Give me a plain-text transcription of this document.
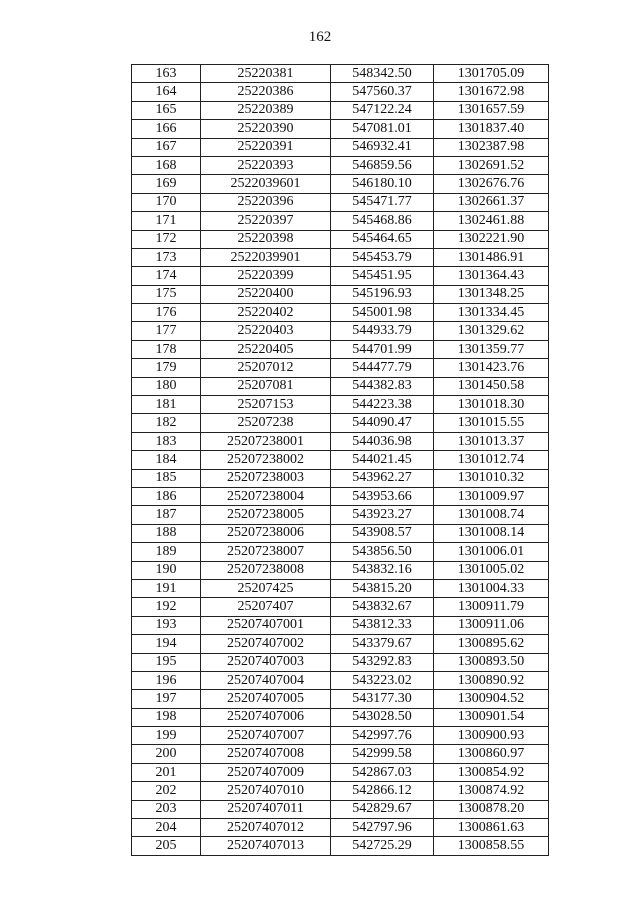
162
163	25220381	548342.50	1301705.09
164	25220386	547560.37	1301672.98
165	25220389	547122.24	1301657.59
166	25220390	547081.01	1301837.40
167	25220391	546932.41	1302387.98
168	25220393	546859.56	1302691.52
169	2522039601	546180.10	1302676.76
170	25220396	545471.77	1302661.37
171	25220397	545468.86	1302461.88
172	25220398	545464.65	1302221.90
173	2522039901	545453.79	1301486.91
174	25220399	545451.95	1301364.43
175	25220400	545196.93	1301348.25
176	25220402	545001.98	1301334.45
177	25220403	544933.79	1301329.62
178	25220405	544701.99	1301359.77
179	25207012	544477.79	1301423.76
180	25207081	544382.83	1301450.58
181	25207153	544223.38	1301018.30
182	25207238	544090.47	1301015.55
183	25207238001	544036.98	1301013.37
184	25207238002	544021.45	1301012.74
185	25207238003	543962.27	1301010.32
186	25207238004	543953.66	1301009.97
187	25207238005	543923.27	1301008.74
188	25207238006	543908.57	1301008.14
189	25207238007	543856.50	1301006.01
190	25207238008	543832.16	1301005.02
191	25207425	543815.20	1301004.33
192	25207407	543832.67	1300911.79
193	25207407001	543812.33	1300911.06
194	25207407002	543379.67	1300895.62
195	25207407003	543292.83	1300893.50
196	25207407004	543223.02	1300890.92
197	25207407005	543177.30	1300904.52
198	25207407006	543028.50	1300901.54
199	25207407007	542997.76	1300900.93
200	25207407008	542999.58	1300860.97
201	25207407009	542867.03	1300854.92
202	25207407010	542866.12	1300874.92
203	25207407011	542829.67	1300878.20
204	25207407012	542797.96	1300861.63
205	25207407013	542725.29	1300858.55
